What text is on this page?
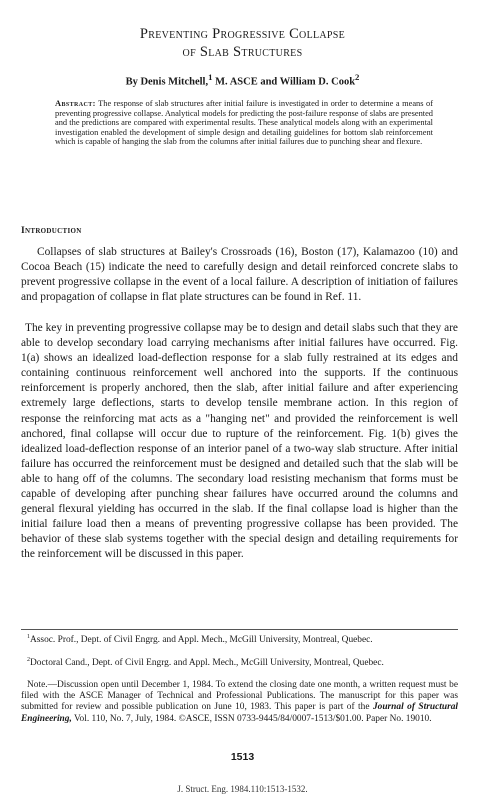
Preventing Progressive Collapse
of Slab Structures
By Denis Mitchell,$^1$ M. ASCE and William D. Cook$^2$
Abstract: The response of slab structures after initial failure is investigated in order to determine a means of preventing progressive collapse. Analytical models for predicting the post-failure response of slabs are presented and the predictions are compared with experimental results. These analytical models along with an experimental investigation enabled the development of simple design and detailing guidelines for bottom slab reinforcement which is capable of hanging the slab from the columns after initial failures due to punching shear and flexure.
Introduction

Collapses of slab structures at Bailey's Crossroads (16), Boston (17), Kalamazoo (10) and Cocoa Beach (15) indicate the need to carefully design and detail reinforced concrete slabs to prevent progressive collapse in the event of a local failure. A description of initiation of failures and propagation of collapse in flat plate structures can be found in Ref. 11.

The key in preventing progressive collapse may be to design and detail slabs such that they are able to develop secondary load carrying mechanisms after initial failures have occurred. Fig. 1(a) shows an idealized load-deflection response for a slab fully restrained at its edges and containing continuous reinforcement well anchored into the supports. If the continuous reinforcement is properly anchored, then the slab, after initial failure and after experiencing extremely large deflections, starts to develop tensile membrane action. In this region of response the reinforcing mat acts as a "hanging net" and provided the reinforcement is well anchored, final collapse will occur due to rupture of the reinforcement. Fig. 1(b) gives the idealized load-deflection response of an interior panel of a two-way slab structure. After initial failure has occurred the reinforcement must be designed and detailed such that the slab will be able to hang off of the columns. The secondary load resisting mechanism that forms must be capable of developing after punching shear failures have occurred around the columns and general flexural yielding has occurred in the slab. If the final collapse load is higher than the initial failure load then a means of preventing progressive collapse has been provided. The behavior of these slab systems together with the special design and detailing requirements for the reinforcement will be discussed in this paper.

$^1$Assoc. Prof., Dept. of Civil Engrg. and Appl. Mech., McGill University, Montreal, Quebec.

$^2$Doctoral Cand., Dept. of Civil Engrg. and Appl. Mech., McGill University, Montreal, Quebec.

Note.—Discussion open until December 1, 1984. To extend the closing date one month, a written request must be filed with the ASCE Manager of Technical and Professional Publications. The manuscript for this paper was submitted for review and possible publication on June 10, 1983. This paper is part of the Journal of Structural Engineering, Vol. 110, No. 7, July, 1984. ©ASCE, ISSN 0733-9445/84/0007-1513/$01.00. Paper No. 19010.

1513
J. Struct. Eng. 1984.110:1513-1532.
